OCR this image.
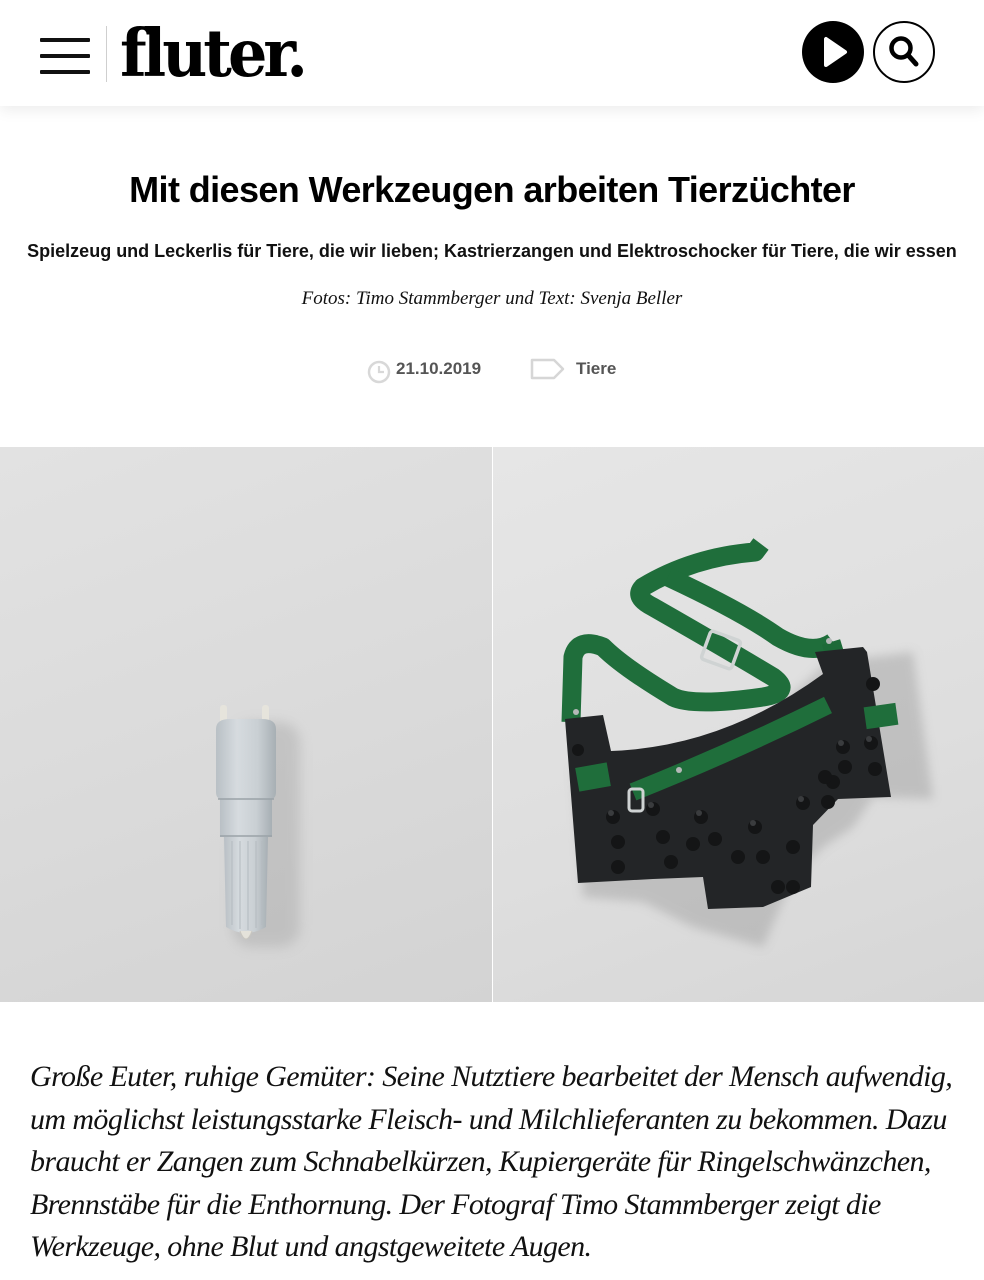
fluter.
Mit diesen Werkzeugen arbeiten Tierzüchter

Spielzeug und Leckerlis für Tiere, die wir lieben; Kastrierzangen und Elektroschocker für Tiere, die wir essen

Fotos: Timo Stammberger und Text: Svenja Beller

21.10.2019	Tiere

Große Euter, ruhige Gemüter: Seine Nutztiere bearbeitet der Mensch aufwendig, um möglichst leistungsstarke Fleisch- und Milchlieferanten zu bekommen. Dazu braucht er Zangen zum Schnabelkürzen, Kupiergeräte für Ringelschwänzchen, Brennstäbe für die Enthornung. Der Fotograf Timo Stammberger zeigt die Werkzeuge, ohne Blut und angstgeweitete Augen.
